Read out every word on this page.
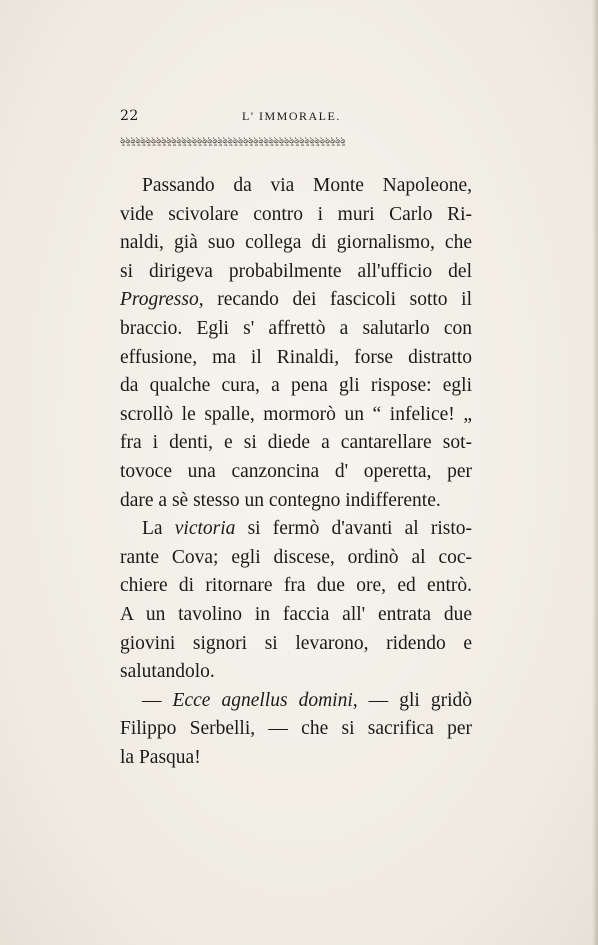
22	L' IMMORALE.
ৡৡৡৡৡৡৡৡৡৡৡৡৡৡৡৡৡৡৡৡৡৡৡৡৡৡৡৡৡৡৡৡৡৡৡৡৡৡৡৡৡৡৡৡ
Passando da via Monte Napoleone,
vide scivolare contro i muri Carlo Ri-
naldi, già suo collega di giornalismo, che
si dirigeva probabilmente all'ufficio del
Progresso, recando dei fascicoli sotto il
braccio. Egli s' affrettò a salutarlo con
effusione, ma il Rinaldi, forse distratto
da qualche cura, a pena gli rispose: egli
scrollò le spalle, mormorò un “ infelice! „
fra i denti, e si diede a cantarellare sot-
tovoce una canzoncina d' operetta, per
dare a sè stesso un contegno indifferente.
La victoria si fermò d'avanti al risto-
rante Cova; egli discese, ordinò al coc-
chiere di ritornare fra due ore, ed entrò.
A un tavolino in faccia all' entrata due
giovini signori si levarono, ridendo e
salutandolo.
— Ecce agnellus domini, — gli gridò
Filippo Serbelli, — che si sacrifica per
la Pasqua!
